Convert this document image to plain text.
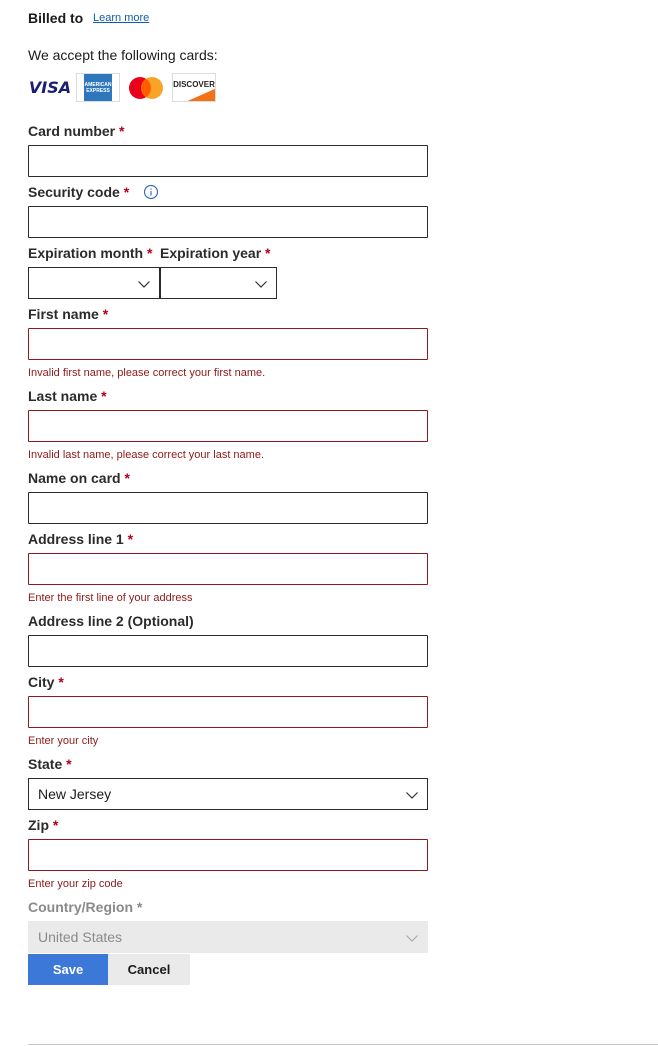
Billed to Learn more
We accept the following cards:
VISA	AMERICAN
EXPRESS
DISCOVER
Card number *
Security code *
Expiration month * Expiration year *
First name *
Invalid first name, please correct your first name.
Last name *
Invalid last name, please correct your last name.
Name on card *
Address line 1 *
Enter the first line of your address
Address line 2 (Optional)
City *
Enter your city
State *
New Jersey
Zip *
Enter your zip code
Country/Region *
United States
Save	Cancel
